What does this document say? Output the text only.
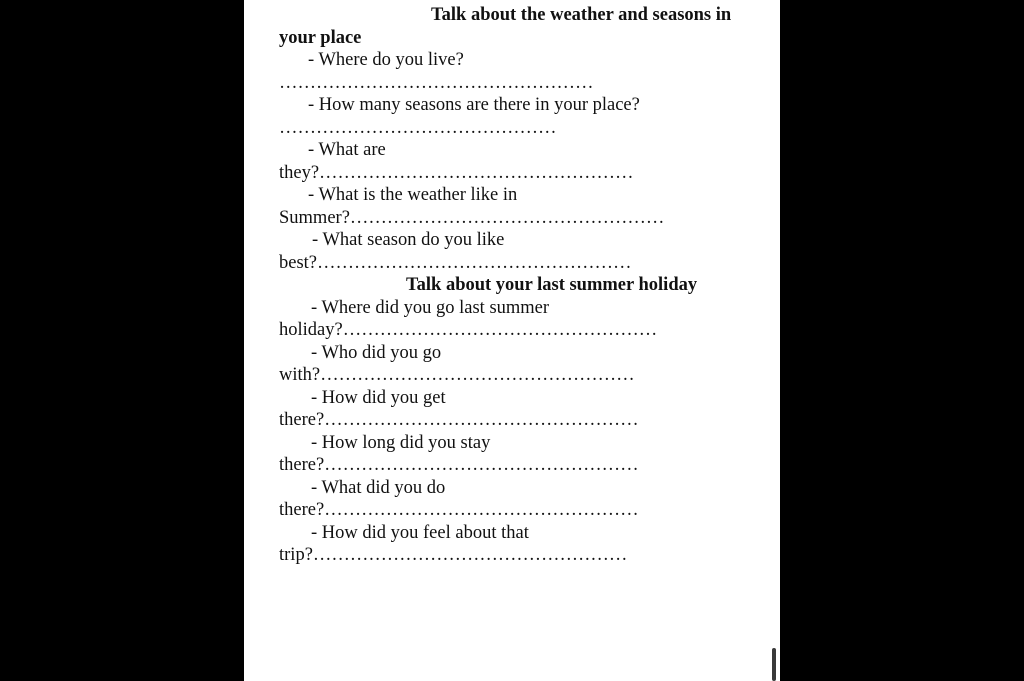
Talk about the weather and seasons in
your place
- Where do you live?
……………………………………………
- How many seasons are there in your place?
………………………………………
- What are
they?……………………………………………
- What is the weather like in
Summer?……………………………………………
- What season do you like
best?……………………………………………
Talk about your last summer holiday
- Where did you go last summer
holiday?……………………………………………
- Who did you go
with?……………………………………………
- How did you get
there?……………………………………………
- How long did you stay
there?……………………………………………
- What did you do
there?……………………………………………
- How did you feel about that
trip?……………………………………………
